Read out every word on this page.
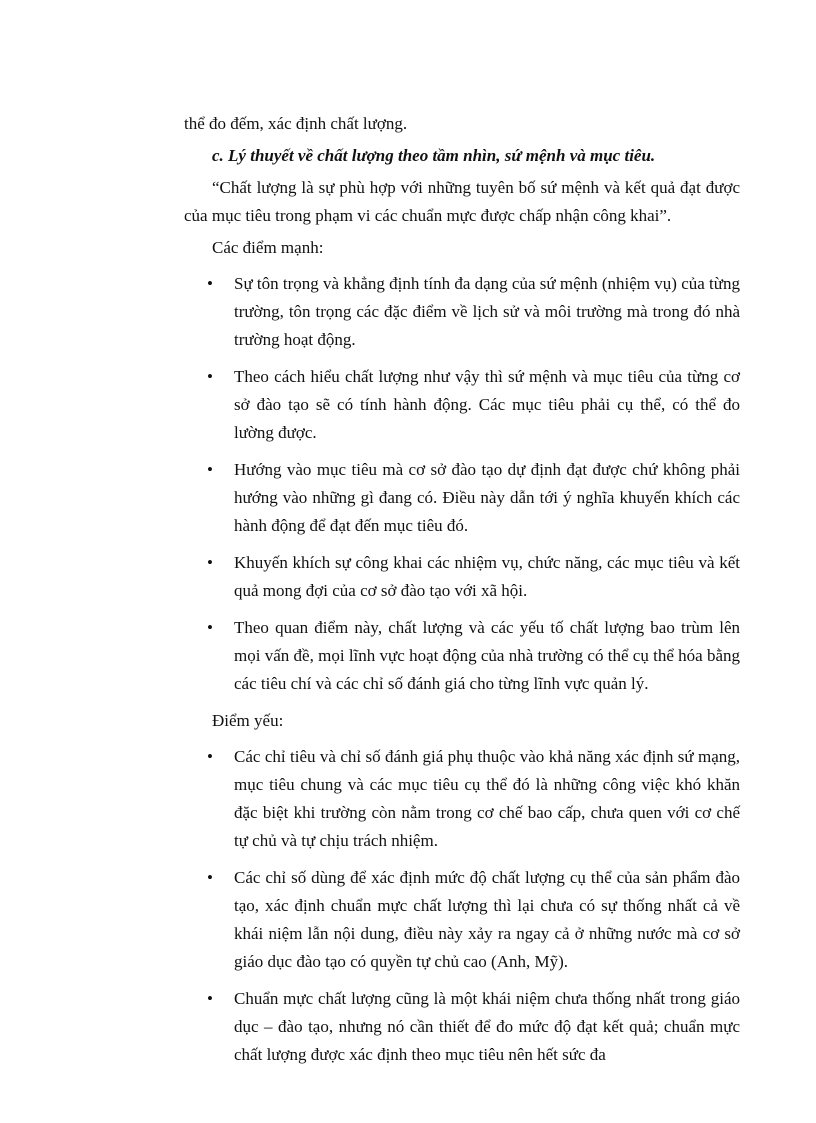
thể đo đếm, xác định chất lượng.

c. Lý thuyết về chất lượng theo tầm nhìn, sứ mệnh và mục tiêu.

“Chất lượng là sự phù hợp với những tuyên bố sứ mệnh và kết quả đạt được của mục tiêu trong phạm vi các chuẩn mực được chấp nhận công khai”.

Các điểm mạnh:

• Sự tôn trọng và khẳng định tính đa dạng của sứ mệnh (nhiệm vụ) của từng trường, tôn trọng các đặc điểm về lịch sử và môi trường mà trong đó nhà trường hoạt động.
• Theo cách hiểu chất lượng như vậy thì sứ mệnh và mục tiêu của từng cơ sở đào tạo sẽ có tính hành động. Các mục tiêu phải cụ thể, có thể đo lường được.
• Hướng vào mục tiêu mà cơ sở đào tạo dự định đạt được chứ không phải hướng vào những gì đang có. Điều này dẫn tới ý nghĩa khuyến khích các hành động để đạt đến mục tiêu đó.
• Khuyến khích sự công khai các nhiệm vụ, chức năng, các mục tiêu và kết quả mong đợi của cơ sở đào tạo với xã hội.
• Theo quan điểm này, chất lượng và các yếu tố chất lượng bao trùm lên mọi vấn đề, mọi lĩnh vực hoạt động của nhà trường có thể cụ thể hóa bằng các tiêu chí và các chỉ số đánh giá cho từng lĩnh vực quản lý.

Điểm yếu:

• Các chỉ tiêu và chỉ số đánh giá phụ thuộc vào khả năng xác định sứ mạng, mục tiêu chung và các mục tiêu cụ thể đó là những công việc khó khăn đặc biệt khi trường còn nằm trong cơ chế bao cấp, chưa quen với cơ chế tự chủ và tự chịu trách nhiệm.
• Các chỉ số dùng để xác định mức độ chất lượng cụ thể của sản phẩm đào tạo, xác định chuẩn mực chất lượng thì lại chưa có sự thống nhất cả về khái niệm lẫn nội dung, điều này xảy ra ngay cả ở những nước mà cơ sở giáo dục đào tạo có quyền tự chủ cao (Anh, Mỹ).
• Chuẩn mực chất lượng cũng là một khái niệm chưa thống nhất trong giáo dục – đào tạo, nhưng nó cần thiết để đo mức độ đạt kết quả; chuẩn mực chất lượng được xác định theo mục tiêu nên hết sức đa
